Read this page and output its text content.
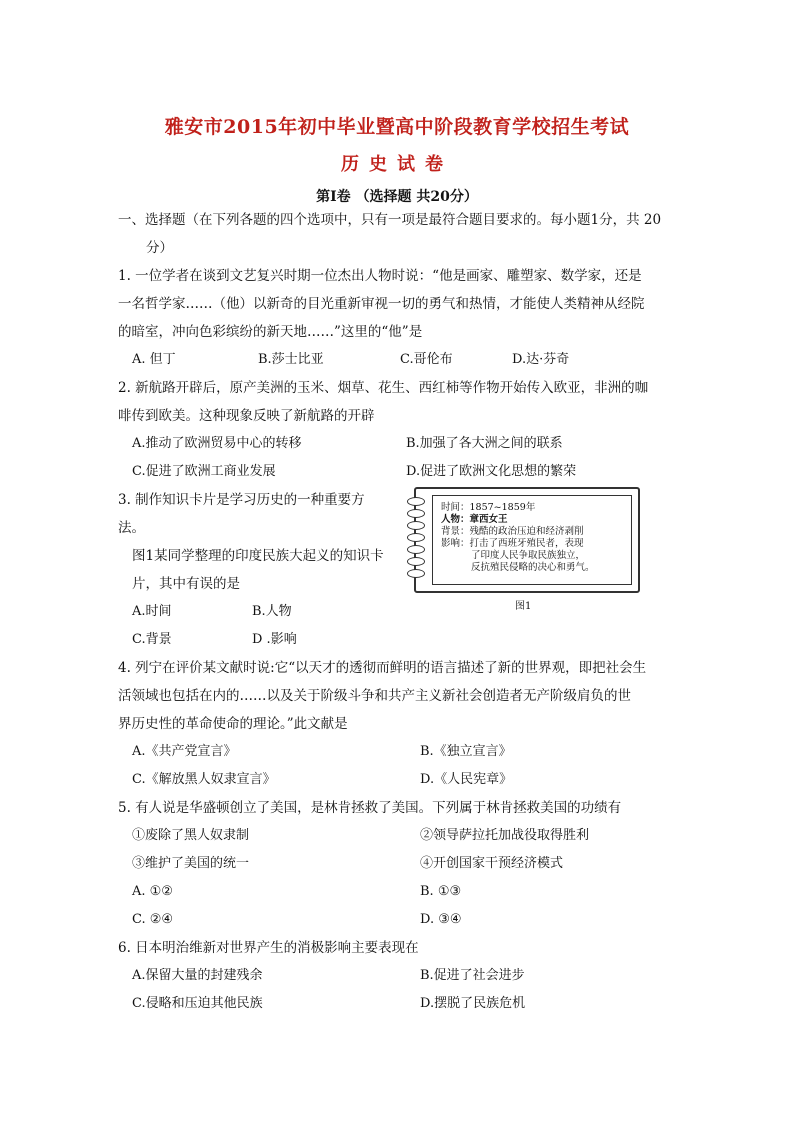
雅安市2015年初中毕业暨高中阶段教育学校招生考试
历史试卷
第Ⅰ卷 （选择题 共20分）
一、选择题（在下列各题的四个选项中，只有一项是最符合题目要求的。每小题1分，共 20
分）
1. 一位学者在谈到文艺复兴时期一位杰出人物时说：“他是画家、雕塑家、数学家，还是
一名哲学家……（他）以新奇的目光重新审视一切的勇气和热情，才能使人类精神从经院
的暗室，冲向色彩缤纷的新天地……”这里的“他”是
A. 但丁	B.莎士比亚	C.哥伦布	D.达·芬奇
2. 新航路开辟后，原产美洲的玉米、烟草、花生、西红柿等作物开始传入欧亚，非洲的咖
啡传到欧美。这种现象反映了新航路的开辟
A.推动了欧洲贸易中心的转移	B.加强了各大洲之间的联系
C.促进了欧洲工商业发展	D.促进了欧洲文化思想的繁荣
3. 制作知识卡片是学习历史的一种重要方
法。
图1某同学整理的印度民族大起义的知识卡
片，其中有误的是
A.时间	B.人物
C.背景	D .影响
时间：1857~1859年
人物：章西女王
背景：残酷的政治压迫和经济剥削
影响：打击了西班牙殖民者，表现
了印度人民争取民族独立，
反抗殖民侵略的决心和勇气。
图1
4. 列宁在评价某文献时说:它“以天才的透彻而鲜明的语言描述了新的世界观，即把社会生
活领域也包括在内的……以及关于阶级斗争和共产主义新社会创造者无产阶级肩负的世
界历史性的革命使命的理论。”此文献是
A.《共产党宣言》	B.《独立宣言》
C.《解放黑人奴隶宣言》	D.《人民宪章》
5. 有人说是华盛顿创立了美国，是林肯拯救了美国。下列属于林肯拯救美国的功绩有
①废除了黑人奴隶制	②领导萨拉托加战役取得胜利
③维护了美国的统一	④开创国家干预经济模式
A. ①②	B. ①③
C. ②④	D. ③④
6. 日本明治维新对世界产生的消极影响主要表现在
A.保留大量的封建残余	B.促进了社会进步
C.侵略和压迫其他民族	D.摆脱了民族危机
